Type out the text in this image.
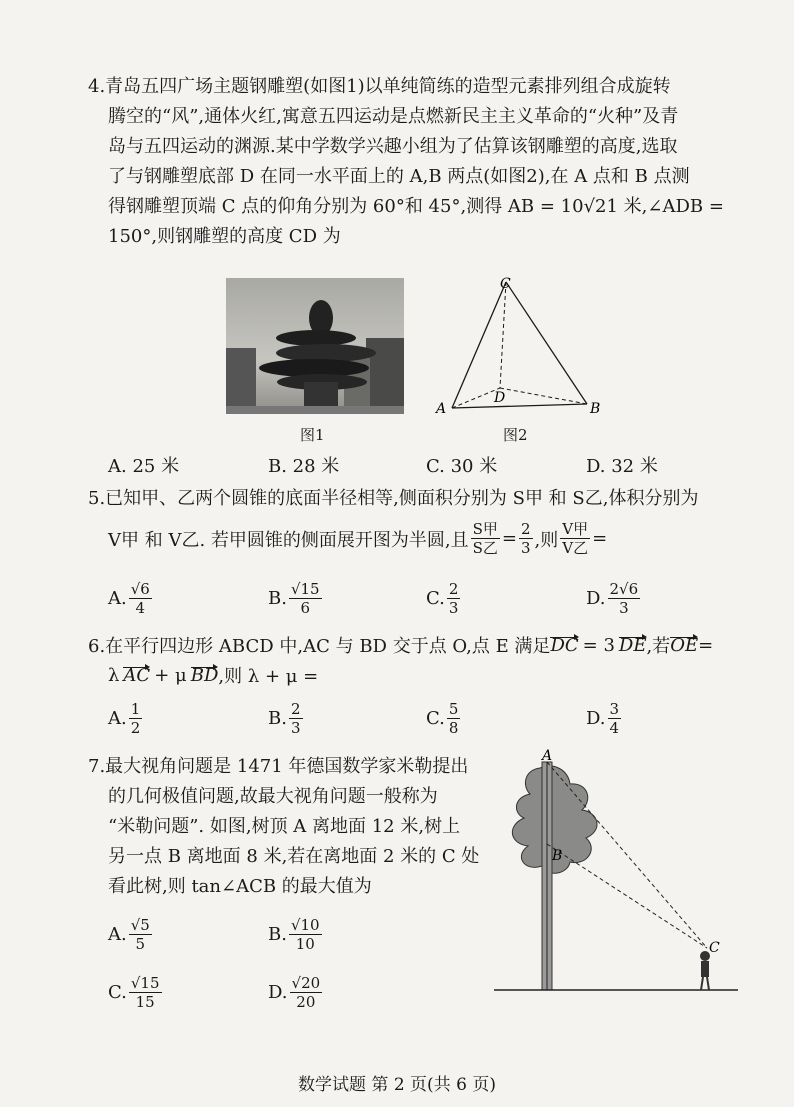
4.青岛五四广场主题钢雕塑(如图1)以单纯简练的造型元素排列组合成旋转
腾空的“风”,通体火红,寓意五四运动是点燃新民主主义革命的“火种”及青
岛与五四运动的渊源.某中学数学兴趣小组为了估算该钢雕塑的高度,选取
了与钢雕塑底部 D 在同一水平面上的 A,B 两点(如图2),在 A 点和 B 点测
得钢雕塑顶端 C 点的仰角分别为 60°和 45°,测得 AB = 10√21 米,∠ADB =
150°,则钢雕塑的高度 CD 为
图1
C
D
A	B
图2
A. 25 米	B. 28 米	C. 30 米	D. 32 米
5.已知甲、乙两个圆锥的底面半径相等,侧面积分别为 S甲 和 S乙,体积分别为
V甲 和 V乙. 若甲圆锥的侧面展开图为半圆,且 $\frac{\text{S甲}}{\text{S乙}} = \frac{2}{3}$ ,则 $\frac{\text{V甲}}{\text{V乙}}$ =
A. $\frac{√6}{4}$	B. $\frac{√15}{6}$	C. $\frac{2}{3}$	D. $\frac{2√6}{3}$
6.在平行四边形 ABCD 中,AC 与 BD 交于点 O,点 E 满足 DC = 3 DE ,若 OE =
λ AC + μ BD ,则 λ + μ =
A. $\frac{1}{2}$	B. $\frac{2}{3}$	C. $\frac{5}{8}$	D. $\frac{3}{4}$
7.最大视角问题是 1471 年德国数学家米勒提出
的几何极值问题,故最大视角问题一般称为
“米勒问题”. 如图,树顶 A 离地面 12 米,树上
另一点 B 离地面 8 米,若在离地面 2 米的 C 处
看此树,则 tan∠ACB 的最大值为
A. $\frac{√5}{5}$	B. $\frac{√10}{10}$
C. $\frac{√15}{15}$	D. $\frac{√20}{20}$
A
B
C
数学试题 第 2 页(共 6 页)
